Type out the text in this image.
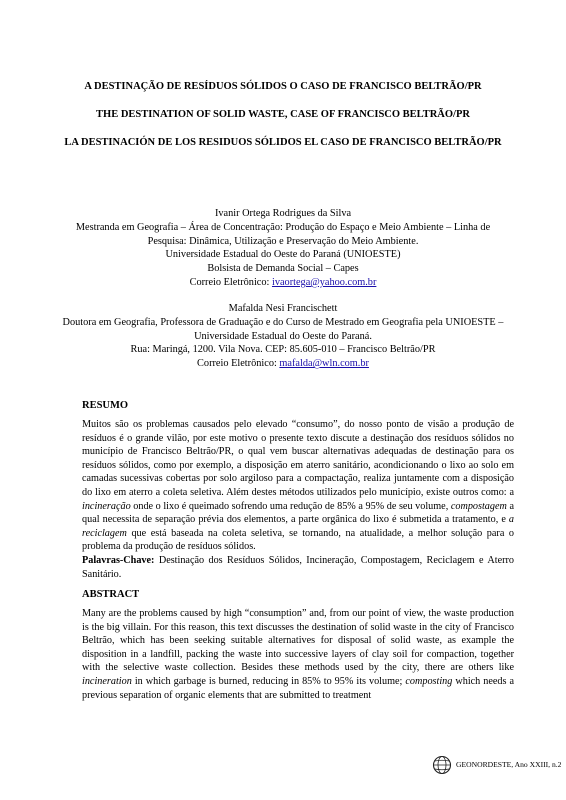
A DESTINAÇÃO DE RESÍDUOS SÓLIDOS O CASO DE FRANCISCO BELTRÃO/PR

THE DESTINATION OF SOLID WASTE, CASE OF FRANCISCO BELTRÃO/PR

LA DESTINACIÓN DE LOS RESIDUOS SÓLIDOS EL CASO DE FRANCISCO BELTRÃO/PR

Ivanir Ortega Rodrigues da Silva

Mestranda em Geografia – Área de Concentração: Produção do Espaço e Meio Ambiente – Linha de Pesquisa: Dinâmica, Utilização e Preservação do Meio Ambiente.

Universidade Estadual do Oeste do Paraná (UNIOESTE)

Bolsista de Demanda Social – Capes

Correio Eletrônico: ivaortega@yahoo.com.br

Mafalda Nesi Francischett

Doutora em Geografia, Professora de Graduação e do Curso de Mestrado em Geografia pela UNIOESTE – Universidade Estadual do Oeste do Paraná.

Rua: Maringá, 1200. Vila Nova. CEP: 85.605-010 – Francisco Beltrão/PR

Correio Eletrônico: mafalda@wln.com.br

RESUMO

Muitos são os problemas causados pelo elevado “consumo”, do nosso ponto de visão a produção de resíduos é o grande vilão, por este motivo o presente texto discute a destinação dos resíduos sólidos no município de Francisco Beltrão/PR, o qual vem buscar alternativas adequadas de destinação para os resíduos sólidos, como por exemplo, a disposição em aterro sanitário, acondicionando o lixo ao solo em camadas sucessivas cobertas por solo argiloso para a compactação, realiza juntamente com a disposição do lixo em aterro a coleta seletiva. Além destes métodos utilizados pelo município, existe outros como: a incineração onde o lixo é queimado sofrendo uma redução de 85% a 95% de seu volume, compostagem a qual necessita de separação prévia dos elementos, a parte orgânica do lixo é submetida a tratamento, e a reciclagem que está baseada na coleta seletiva, se tornando, na atualidade, a melhor solução para o problema da produção de resíduos sólidos.
Palavras-Chave: Destinação dos Resíduos Sólidos, Incineração, Compostagem, Reciclagem e Aterro Sanitário.

ABSTRACT

Many are the problems caused by high “consumption” and, from our point of view, the waste production is the big villain. For this reason, this text discusses the destination of solid waste in the city of Francisco Beltrão, which has been seeking suitable alternatives for disposal of solid waste, as example the disposition in a landfill, packing the waste into successive layers of clay soil for compaction, together with the selective waste collection. Besides these methods used by the city, there are others like incineration in which garbage is burned, reducing in 85% to 95% its volume; composting which needs a previous separation of organic elements that are submitted to treatment

GEONORDESTE, Ano XXIII, n.2
